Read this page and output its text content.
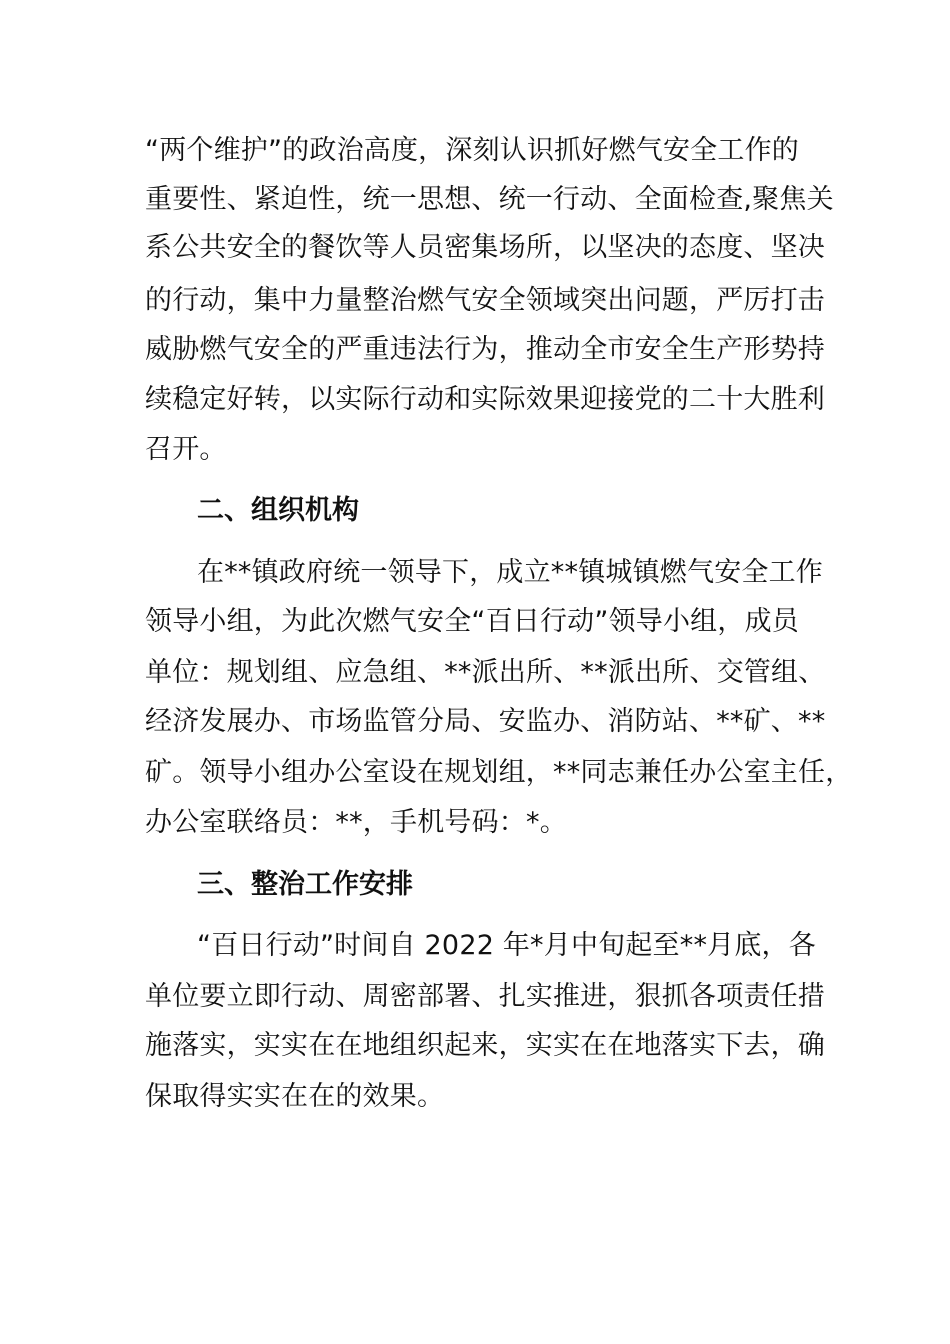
“两个维护”的政治高度，深刻认识抓好燃气安全工作的
重要性、紧迫性，统一思想、统一行动、全面检查,聚焦关
系公共安全的餐饮等人员密集场所，以坚决的态度、坚决
的行动，集中力量整治燃气安全领域突出问题，严厉打击
威胁燃气安全的严重违法行为，推动全市安全生产形势持
续稳定好转，以实际行动和实际效果迎接党的二十大胜利
召开。
二、组织机构
在**镇政府统一领导下，成立**镇城镇燃气安全工作
领导小组，为此次燃气安全“百日行动”领导小组，成员
单位：规划组、应急组、**派出所、**派出所、交管组、
经济发展办、市场监管分局、安监办、消防站、**矿、**
矿。领导小组办公室设在规划组，**同志兼任办公室主任，
办公室联络员：**，手机号码：*。
三、整治工作安排
“百日行动”时间自 2022 年*月中旬起至**月底，各
单位要立即行动、周密部署、扎实推进，狠抓各项责任措
施落实，实实在在地组织起来，实实在在地落实下去，确
保取得实实在在的效果。
